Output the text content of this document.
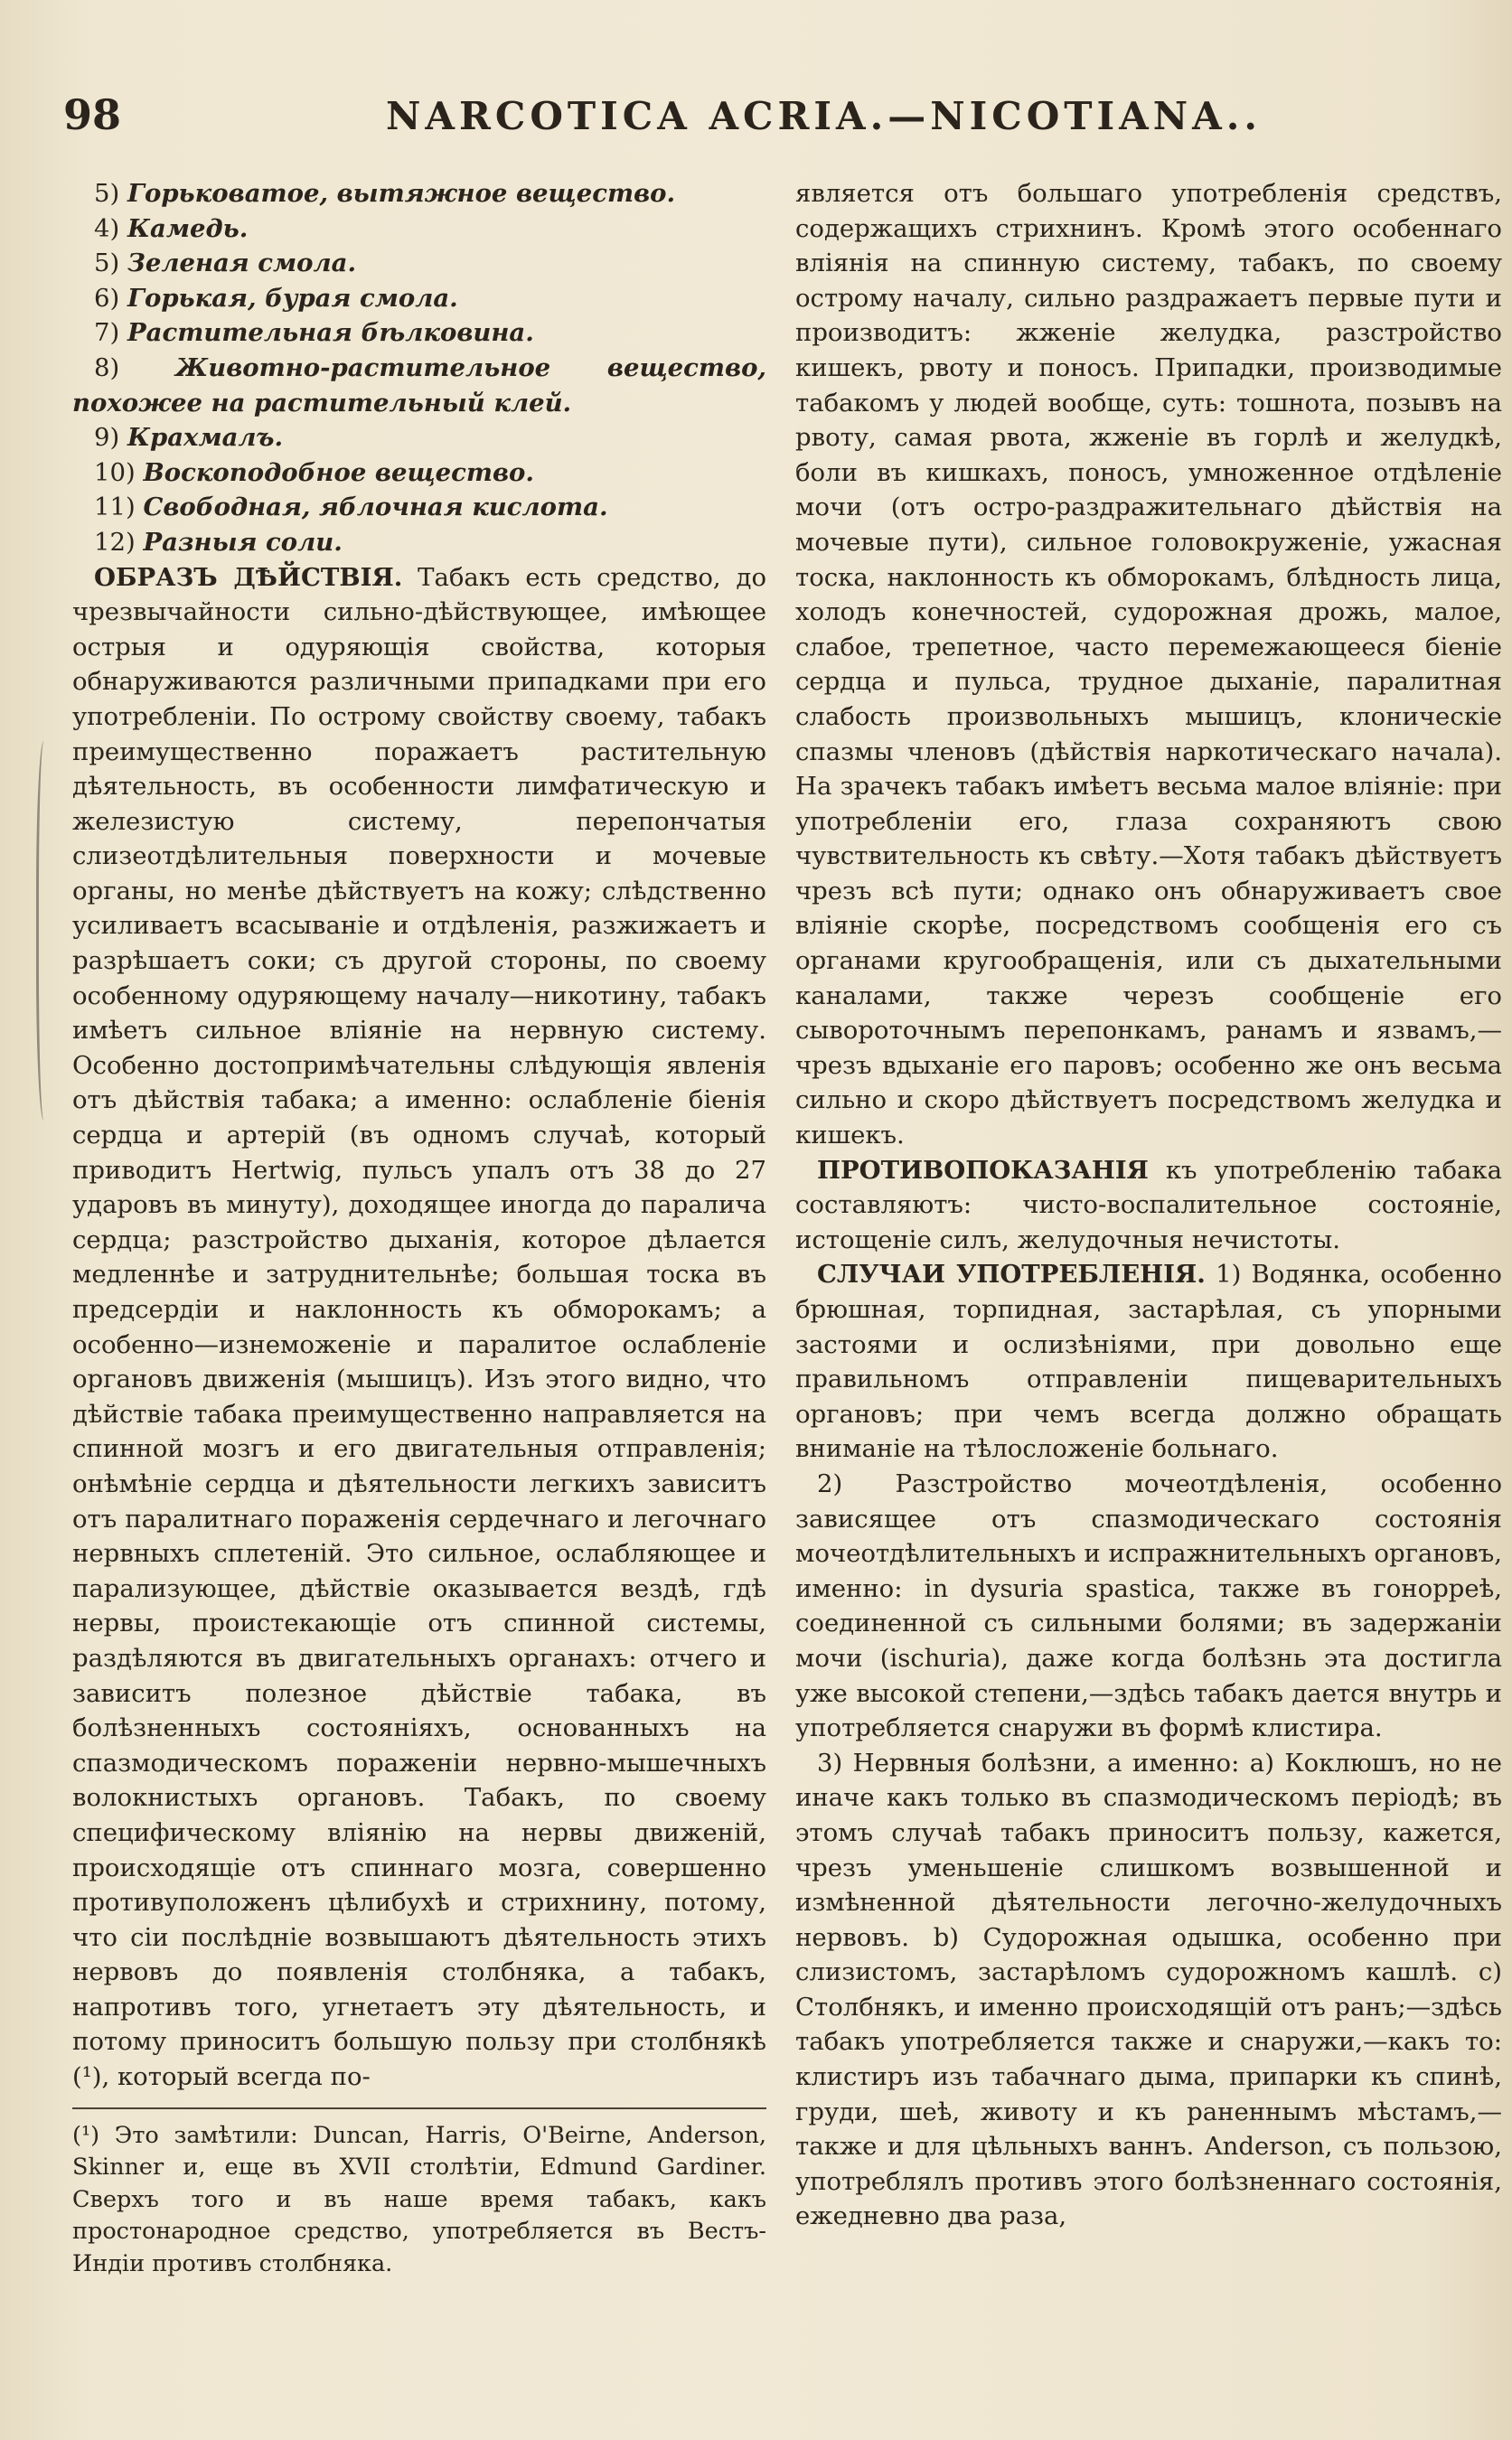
98	NARCOTICA ACRIA.—NICOTIANA..

5) Горьковатое, вытяжное вещество.

4) Камедь.

5) Зеленая смола.

6) Горькая, бурая смола.

7) Растительная бѣлковина.

8) Животно-растительное вещество, похожее на растительный клей.

9) Крахмалъ.

10) Воскоподобное вещество.

11) Свободная, яблочная кислота.

12) Разныя соли.

ОБРАЗЪ ДѢЙСТВІЯ. Табакъ есть средство, до чрезвычайности сильно-дѣйствующее, имѣющее острыя и одуряющія свойства, которыя обнаруживаются различными припадками при его употребленіи. По острому свойству своему, табакъ преимущественно поражаетъ растительную дѣятельность, въ особенности лимфатическую и железистую систему, перепончатыя слизеотдѣлительныя поверхности и мочевые органы, но менѣе дѣйствуетъ на кожу; слѣдственно усиливаетъ всасываніе и отдѣленія, разжижаетъ и разрѣшаетъ соки; съ другой стороны, по своему особенному одуряющему началу—никотину, табакъ имѣетъ сильное вліяніе на нервную систему. Особенно достопримѣчательны слѣдующія явленія отъ дѣйствія табака; а именно: ослабленіе біенія сердца и артерій (въ одномъ случаѣ, который приводитъ Hertwig, пульсъ упалъ отъ 38 до 27 ударовъ въ минуту), доходящее иногда до паралича сердца; разстройство дыханія, которое дѣлается медленнѣе и затруднительнѣе; большая тоска въ предсердіи и наклонность къ обморокамъ; а особенно—изнеможеніе и паралитое ослабленіе органовъ движенія (мышицъ). Изъ этого видно, что дѣйствіе табака преимущественно направляется на спинной мозгъ и его двигательныя отправленія; онѣмѣніе сердца и дѣятельности легкихъ зависитъ отъ паралитнаго пораженія сердечнаго и легочнаго нервныхъ сплетеній. Это сильное, ослабляющее и парализующее, дѣйствіе оказывается вездѣ, гдѣ нервы, проистекающіе отъ спинной системы, раздѣляются въ двигательныхъ органахъ: отчего и зависитъ полезное дѣйствіе табака, въ болѣзненныхъ состояніяхъ, основанныхъ на спазмодическомъ пораженіи нервно-мышечныхъ волокнистыхъ органовъ. Табакъ, по своему специфическому вліянію на нервы движеній, происходящіе отъ спиннаго мозга, совершенно противуположенъ цѣлибухѣ и стрихнину, потому, что сіи послѣдніе возвышаютъ дѣятельность этихъ нервовъ до появленія столбняка, а табакъ, напротивъ того, угнетаетъ эту дѣятельность, и потому приноситъ большую пользу при столбнякѣ (¹), который всегда по-

(¹) Это замѣтили: Duncan, Harris, O'Beirne, Anderson, Skinner и, еще въ XVII столѣтіи, Edmund Gardiner. Сверхъ того и въ наше время табакъ, какъ простонародное средство, употребляется въ Вестъ-Индіи противъ столбняка.

является отъ большаго употребленія средствъ, содержащихъ стрихнинъ. Кромѣ этого особеннаго вліянія на спинную систему, табакъ, по своему острому началу, сильно раздражаетъ первые пути и производитъ: жженіе желудка, разстройство кишекъ, рвоту и поносъ. Припадки, производимые табакомъ у людей вообще, суть: тошнота, позывъ на рвоту, самая рвота, жженіе въ горлѣ и желудкѣ, боли въ кишкахъ, поносъ, умноженное отдѣленіе мочи (отъ остро-раздражительнаго дѣйствія на мочевые пути), сильное головокруженіе, ужасная тоска, наклонность къ обморокамъ, блѣдность лица, холодъ конечностей, судорожная дрожь, малое, слабое, трепетное, часто перемежающееся біеніе сердца и пульса, трудное дыханіе, паралитная слабость произвольныхъ мышицъ, клоническіе спазмы членовъ (дѣйствія наркотическаго начала). На зрачекъ табакъ имѣетъ весьма малое вліяніе: при употребленіи его, глаза сохраняютъ свою чувствительность къ свѣту.—Хотя табакъ дѣйствуетъ чрезъ всѣ пути; однако онъ обнаруживаетъ свое вліяніе скорѣе, посредствомъ сообщенія его съ органами кругообращенія, или съ дыхательными каналами, также черезъ сообщеніе его сывороточнымъ перепонкамъ, ранамъ и язвамъ,—чрезъ вдыханіе его паровъ; особенно же онъ весьма сильно и скоро дѣйствуетъ посредствомъ желудка и кишекъ.

ПРОТИВОПОКАЗАНІЯ къ употребленію табака составляютъ: чисто-воспалительное состояніе, истощеніе силъ, желудочныя нечистоты.

СЛУЧАИ УПОТРЕБЛЕНІЯ. 1) Водянка, особенно брюшная, торпидная, застарѣлая, съ упорными застоями и ослизѣніями, при довольно еще правильномъ отправленіи пищеварительныхъ органовъ; при чемъ всегда должно обращать вниманіе на тѣлосложеніе больнаго.

2) Разстройство мочеотдѣленія, особенно зависящее отъ спазмодическаго состоянія мочеотдѣлительныхъ и испражнительныхъ органовъ, именно: in dysuria spastica, также въ гонорреѣ, соединенной съ сильными болями; въ задержаніи мочи (ischuria), даже когда болѣзнь эта достигла уже высокой степени,—здѣсь табакъ дается внутрь и употребляется снаружи въ формѣ клистира.

3) Нервныя болѣзни, а именно: а) Коклюшъ, но не иначе какъ только въ спазмодическомъ періодѣ; въ этомъ случаѣ табакъ приноситъ пользу, кажется, чрезъ уменьшеніе слишкомъ возвышенной и измѣненной дѣятельности легочно-желудочныхъ нервовъ. b) Судорожная одышка, особенно при слизистомъ, застарѣломъ судорожномъ кашлѣ. c) Столбнякъ, и именно происходящій отъ ранъ;—здѣсь табакъ употребляется также и снаружи,—какъ то: клистиръ изъ табачнаго дыма, припарки къ спинѣ, груди, шеѣ, животу и къ раненнымъ мѣстамъ,—также и для цѣльныхъ ваннъ. Anderson, съ пользою, употреблялъ противъ этого болѣзненнаго состоянія, ежедневно два раза,
